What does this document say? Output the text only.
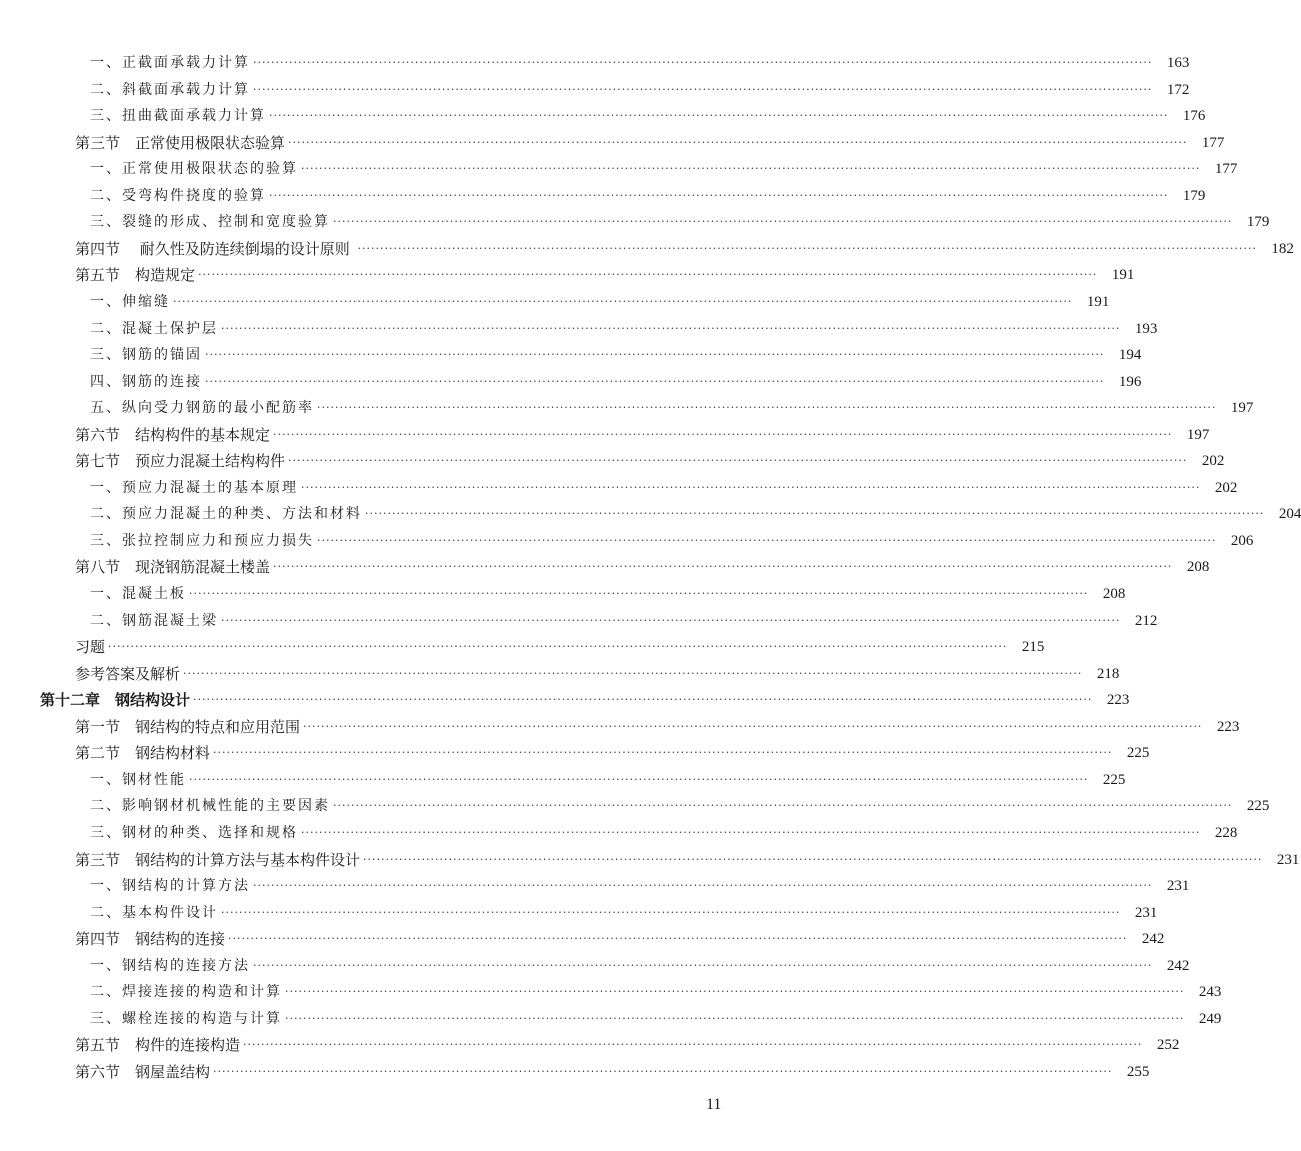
一、正截面承载力计算 ········································································································································································································ 163
二、斜截面承载力计算 ········································································································································································································ 172
三、扭曲截面承载力计算 ········································································································································································································ 176
第三节　正常使用极限状态验算 ········································································································································································································ 177
一、正常使用极限状态的验算 ········································································································································································································ 177
二、受弯构件挠度的验算 ········································································································································································································ 179
三、裂缝的形成、控制和宽度验算 ········································································································································································································ 179
第四节　 耐久性及防连续倒塌的设计原则 ········································································································································································································ 182
第五节　构造规定 ········································································································································································································ 191
一、伸缩缝 ········································································································································································································ 191
二、混凝土保护层 ········································································································································································································ 193
三、钢筋的锚固 ········································································································································································································ 194
四、钢筋的连接 ········································································································································································································ 196
五、纵向受力钢筋的最小配筋率 ········································································································································································································ 197
第六节　结构构件的基本规定 ········································································································································································································ 197
第七节　预应力混凝土结构构件 ········································································································································································································ 202
一、预应力混凝土的基本原理 ········································································································································································································ 202
二、预应力混凝土的种类、方法和材料 ········································································································································································································ 204
三、张拉控制应力和预应力损失 ········································································································································································································ 206
第八节　现浇钢筋混凝土楼盖 ········································································································································································································ 208
一、混凝土板 ········································································································································································································ 208
二、钢筋混凝土梁 ········································································································································································································ 212
习题 ········································································································································································································ 215
参考答案及解析 ········································································································································································································ 218
第十二章　钢结构设计 ········································································································································································································ 223
第一节　钢结构的特点和应用范围 ········································································································································································································ 223
第二节　钢结构材料 ········································································································································································································ 225
一、钢材性能 ········································································································································································································ 225
二、影响钢材机械性能的主要因素 ········································································································································································································ 225
三、钢材的种类、选择和规格 ········································································································································································································ 228
第三节　钢结构的计算方法与基本构件设计 ········································································································································································································ 231
一、钢结构的计算方法 ········································································································································································································ 231
二、基本构件设计 ········································································································································································································ 231
第四节　钢结构的连接 ········································································································································································································ 242
一、钢结构的连接方法 ········································································································································································································ 242
二、焊接连接的构造和计算 ········································································································································································································ 243
三、螺栓连接的构造与计算 ········································································································································································································ 249
第五节　构件的连接构造 ········································································································································································································ 252
第六节　钢屋盖结构 ········································································································································································································ 255
11
